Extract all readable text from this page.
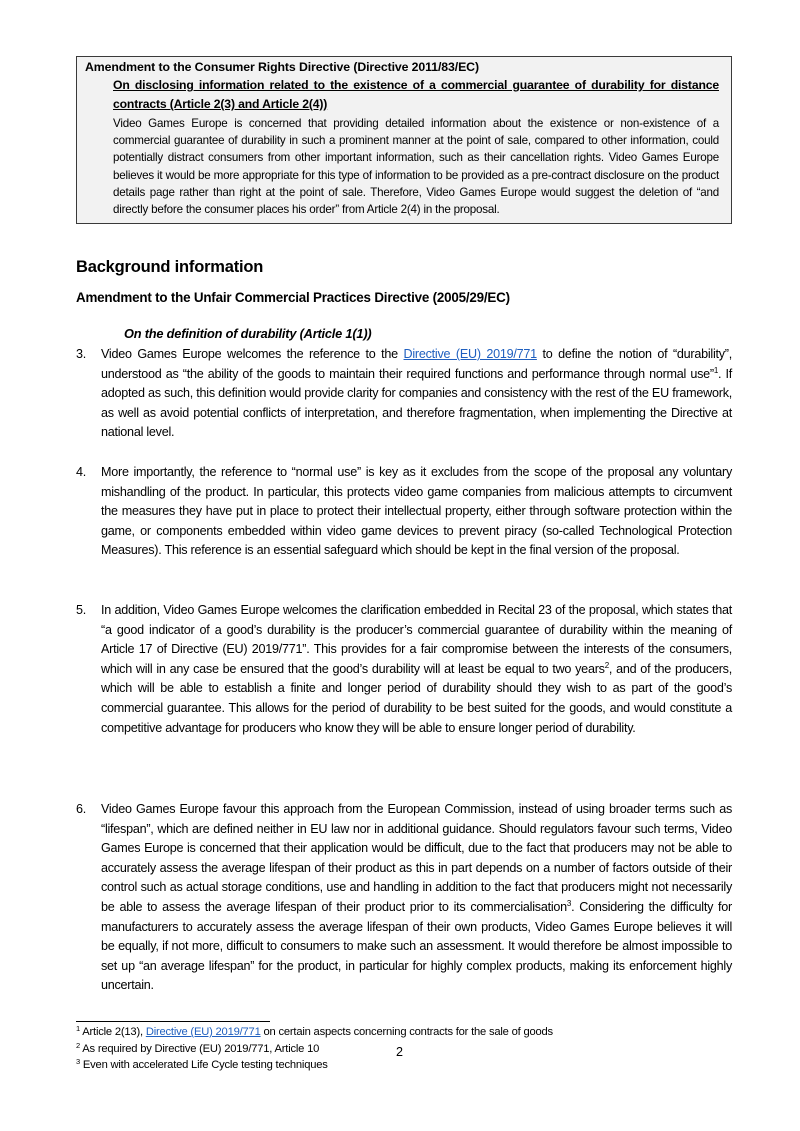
Amendment to the Consumer Rights Directive (Directive 2011/83/EC)
On disclosing information related to the existence of a commercial guarantee of durability for distance contracts (Article 2(3) and Article 2(4))
Video Games Europe is concerned that providing detailed information about the existence or non-existence of a commercial guarantee of durability in such a prominent manner at the point of sale, compared to other information, could potentially distract consumers from other important information, such as their cancellation rights. Video Games Europe believes it would be more appropriate for this type of information to be provided as a pre-contract disclosure on the product details page rather than right at the point of sale. Therefore, Video Games Europe would suggest the deletion of “and directly before the consumer places his order” from Article 2(4) in the proposal.
Background information
Amendment to the Unfair Commercial Practices Directive (2005/29/EC)
On the definition of durability (Article 1(1))
3. Video Games Europe welcomes the reference to the Directive (EU) 2019/771 to define the notion of “durability”, understood as “the ability of the goods to maintain their required functions and performance through normal use”$^1$. If adopted as such, this definition would provide clarity for companies and consistency with the rest of the EU framework, as well as avoid potential conflicts of interpretation, and therefore fragmentation, when implementing the Directive at national level.
4. More importantly, the reference to “normal use” is key as it excludes from the scope of the proposal any voluntary mishandling of the product. In particular, this protects video game companies from malicious attempts to circumvent the measures they have put in place to protect their intellectual property, either through software protection within the game, or components embedded within video game devices to prevent piracy (so-called Technological Protection Measures). This reference is an essential safeguard which should be kept in the final version of the proposal.
5. In addition, Video Games Europe welcomes the clarification embedded in Recital 23 of the proposal, which states that “a good indicator of a good’s durability is the producer’s commercial guarantee of durability within the meaning of Article 17 of Directive (EU) 2019/771”. This provides for a fair compromise between the interests of the consumers, which will in any case be ensured that the good’s durability will at least be equal to two years$^2$, and of the producers, which will be able to establish a finite and longer period of durability should they wish to as part of the good’s commercial guarantee. This allows for the period of durability to be best suited for the goods, and would constitute a competitive advantage for producers who know they will be able to ensure longer period of durability.
6. Video Games Europe favour this approach from the European Commission, instead of using broader terms such as “lifespan”, which are defined neither in EU law nor in additional guidance. Should regulators favour such terms, Video Games Europe is concerned that their application would be difficult, due to the fact that producers may not be able to accurately assess the average lifespan of their product as this in part depends on a number of factors outside of their control such as actual storage conditions, use and handling in addition to the fact that producers might not necessarily be able to assess the average lifespan of their product prior to its commercialisation$^3$. Considering the difficulty for manufacturers to accurately assess the average lifespan of their own products, Video Games Europe believes it will be equally, if not more, difficult to consumers to make such an assessment. It would therefore be almost impossible to set up “an average lifespan” for the product, in particular for highly complex products, making its enforcement highly uncertain.
$^1$ Article 2(13), Directive (EU) 2019/771 on certain aspects concerning contracts for the sale of goods
$^2$ As required by Directive (EU) 2019/771, Article 10
$^3$ Even with accelerated Life Cycle testing techniques
2
